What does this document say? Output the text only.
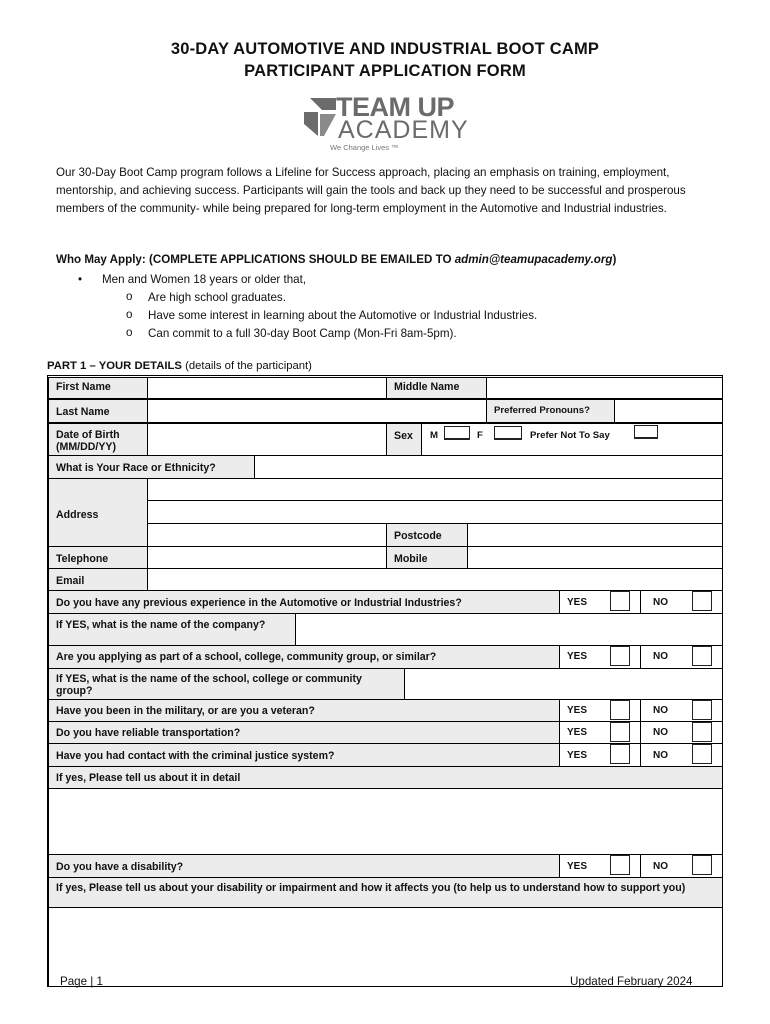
30-DAY AUTOMOTIVE AND INDUSTRIAL BOOT CAMP
PARTICIPANT APPLICATION FORM
TEAM UP
ACADEMY
We Change Lives ™
Our 30-Day Boot Camp program follows a Lifeline for Success approach, placing an emphasis on training, employment, mentorship, and achieving success. Participants will gain the tools and back up they need to be successful and prosperous members of the community- while being prepared for long-term employment in the Automotive and Industrial industries.
Who May Apply: (COMPLETE APPLICATIONS SHOULD BE EMAILED TO admin@teamupacademy.org)
• Men and Women 18 years or older that,
o Are high school graduates.
o Have some interest in learning about the Automotive or Industrial Industries.
o Can commit to a full 30-day Boot Camp (Mon-Fri 8am-5pm).
PART 1 – YOUR DETAILS (details of the participant)
First Name	Middle Name
Last Name	Preferred Pronouns?
Date of Birth (MM/DD/YY)
Sex	M	F	Prefer Not To Say
What is Your Race or Ethnicity?
Address
Postcode
Telephone	Mobile
Email
Do you have any previous experience in the Automotive or Industrial Industries?	YES	NO
If YES, what is the name of the company?
Are you applying as part of a school, college, community group, or similar?	YES	NO
If YES, what is the name of the school, college or community group?
Have you been in the military, or are you a veteran?	YES	NO
Do you have reliable transportation?	YES	NO
Have you had contact with the criminal justice system?	YES	NO
If yes, Please tell us about it in detail
Do you have a disability?	YES	NO
If yes, Please tell us about your disability or impairment and how it affects you (to help us to understand how to support you)
Page | 1	Updated February 2024
